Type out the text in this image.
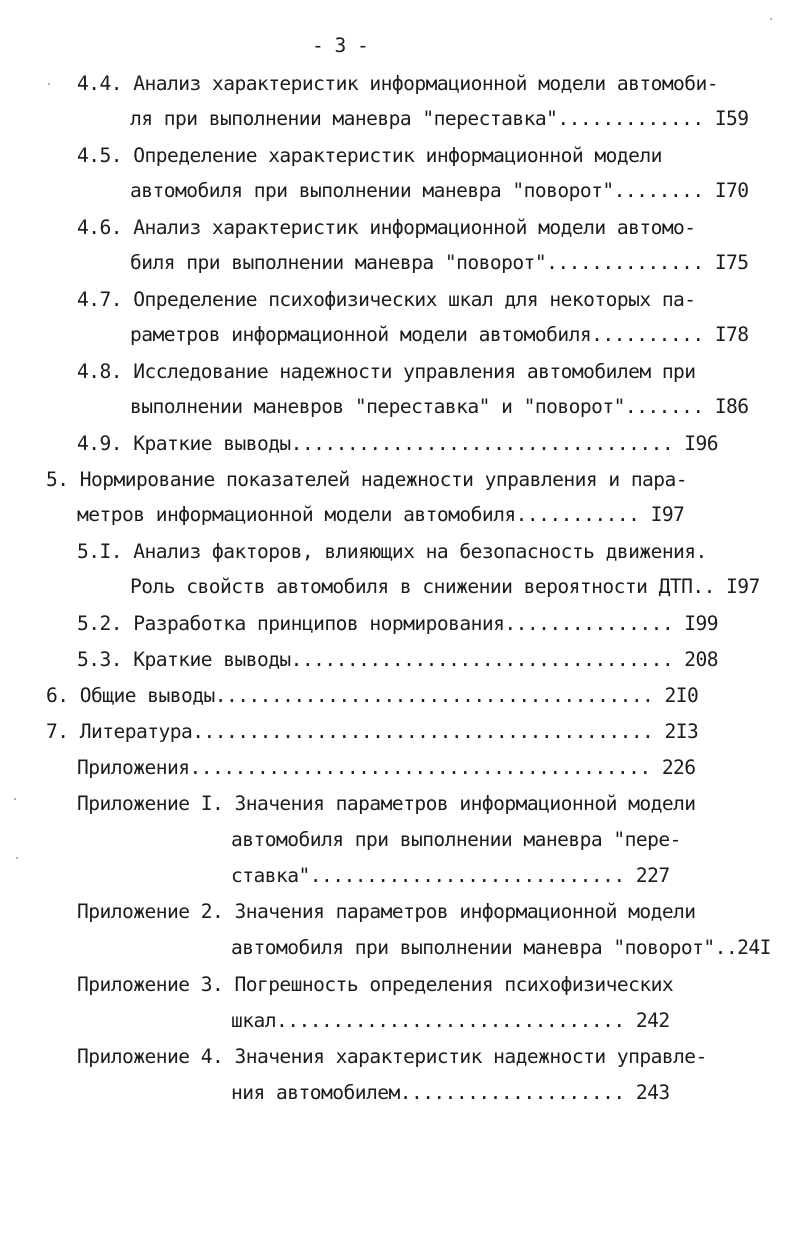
- 3 -

4.4. Анализ характеристик информационной модели автомоби-

ля при выполнении маневра "переставка"............. I59

4.5. Определение характеристик информационной модели

автомобиля при выполнении маневра "поворот"........ I70

4.6. Анализ характеристик информационной модели автомо-

биля при выполнении маневра "поворот".............. I75

4.7. Определение психофизических шкал для некоторых па-

раметров информационной модели автомобиля.......... I78

4.8. Исследование надежности управления автомобилем при

выполнении маневров "переставка" и "поворот"....... I86

4.9. Краткие выводы.................................. I96

5. Нормирование показателей надежности управления и пара-

метров информационной модели автомобиля........... I97

5.I. Анализ факторов, влияющих на безопасность движения.

Роль свойств автомобиля в снижении вероятности ДТП.. I97

5.2. Разработка принципов нормирования............... I99

5.3. Краткие выводы.................................. 208

6. Общие выводы....................................... 2I0

7. Литература......................................... 2I3

Приложения......................................... 226

Приложение I. Значения параметров информационной модели

автомобиля при выполнении маневра "пере-

ставка"............................ 227

Приложение 2. Значения параметров информационной модели

автомобиля при выполнении маневра "поворот"..24I

Приложение 3. Погрешность определения психофизических

шкал............................... 242

Приложение 4. Значения характеристик надежности управле-

ния автомобилем.................... 243
